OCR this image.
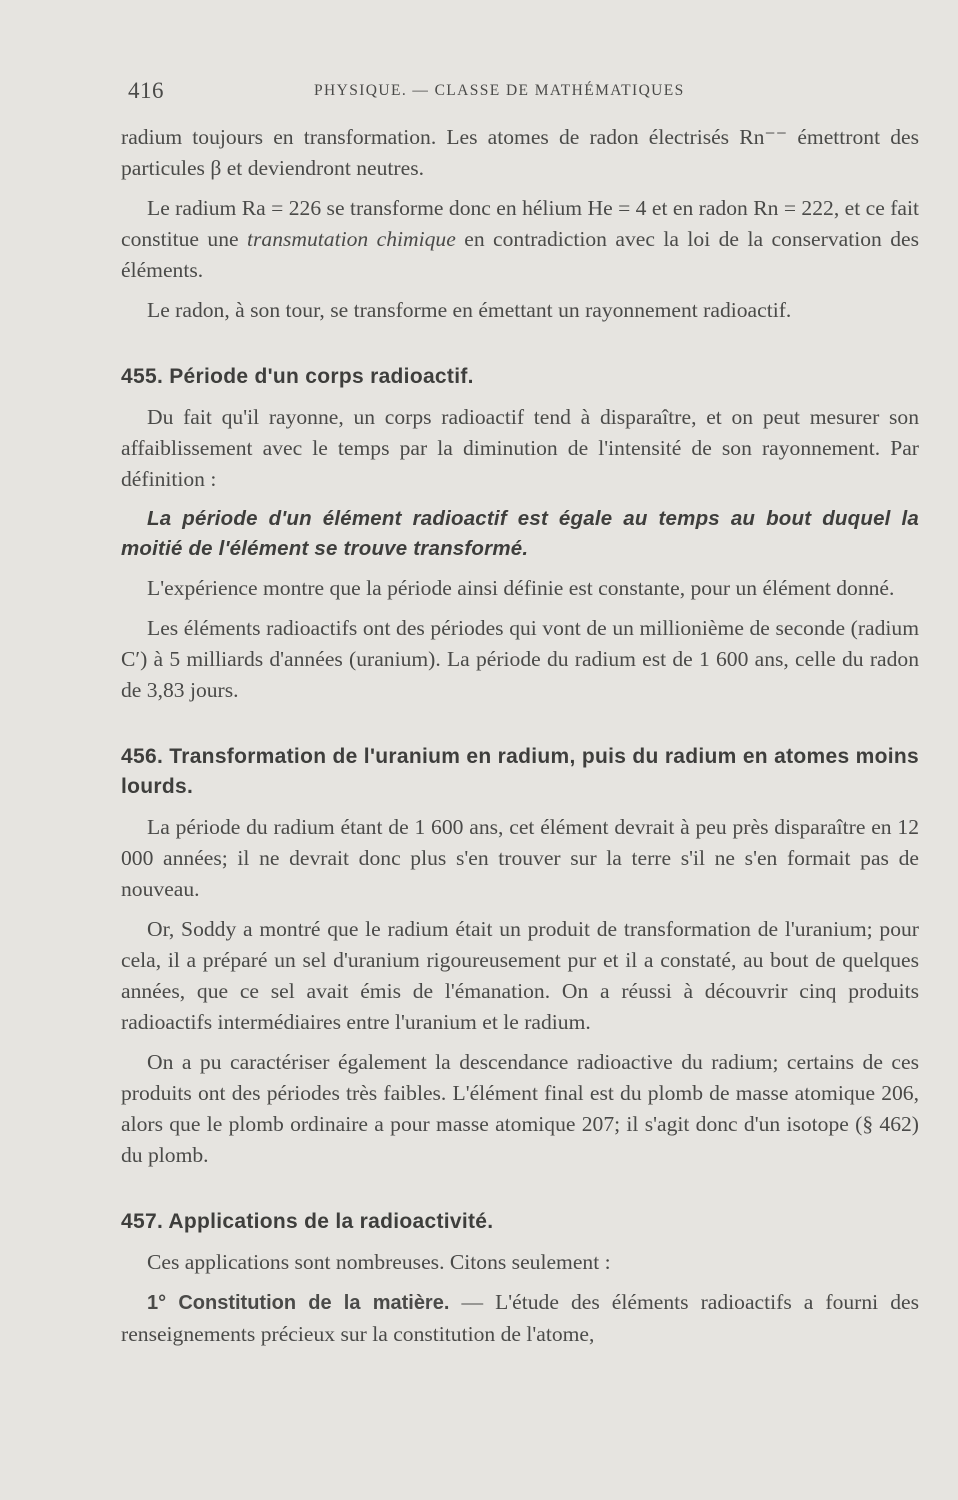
416	PHYSIQUE. — CLASSE DE MATHÉMATIQUES

radium toujours en transformation. Les atomes de radon électrisés Rn⁻⁻ émettront des particules β et deviendront neutres.

Le radium Ra = 226 se transforme donc en hélium He = 4 et en radon Rn = 222, et ce fait constitue une transmutation chimique en contradiction avec la loi de la conservation des éléments.

Le radon, à son tour, se transforme en émettant un rayonnement radioactif.

455. Période d'un corps radioactif.

Du fait qu'il rayonne, un corps radioactif tend à disparaître, et on peut mesurer son affaiblissement avec le temps par la diminution de l'intensité de son rayonnement. Par définition :

La période d'un élément radioactif est égale au temps au bout duquel la moitié de l'élément se trouve transformé.

L'expérience montre que la période ainsi définie est constante, pour un élément donné.

Les éléments radioactifs ont des périodes qui vont de un millionième de seconde (radium C′) à 5 milliards d'années (uranium). La période du radium est de 1 600 ans, celle du radon de 3,83 jours.

456. Transformation de l'uranium en radium, puis du radium en atomes moins lourds.

La période du radium étant de 1 600 ans, cet élément devrait à peu près disparaître en 12 000 années; il ne devrait donc plus s'en trouver sur la terre s'il ne s'en formait pas de nouveau.

Or, Soddy a montré que le radium était un produit de transformation de l'uranium; pour cela, il a préparé un sel d'uranium rigoureusement pur et il a constaté, au bout de quelques années, que ce sel avait émis de l'émanation. On a réussi à découvrir cinq produits radioactifs intermédiaires entre l'uranium et le radium.

On a pu caractériser également la descendance radioactive du radium; certains de ces produits ont des périodes très faibles. L'élément final est du plomb de masse atomique 206, alors que le plomb ordinaire a pour masse atomique 207; il s'agit donc d'un isotope (§ 462) du plomb.

457. Applications de la radioactivité.

Ces applications sont nombreuses. Citons seulement :

1° Constitution de la matière. — L'étude des éléments radioactifs a fourni des renseignements précieux sur la constitution de l'atome,
